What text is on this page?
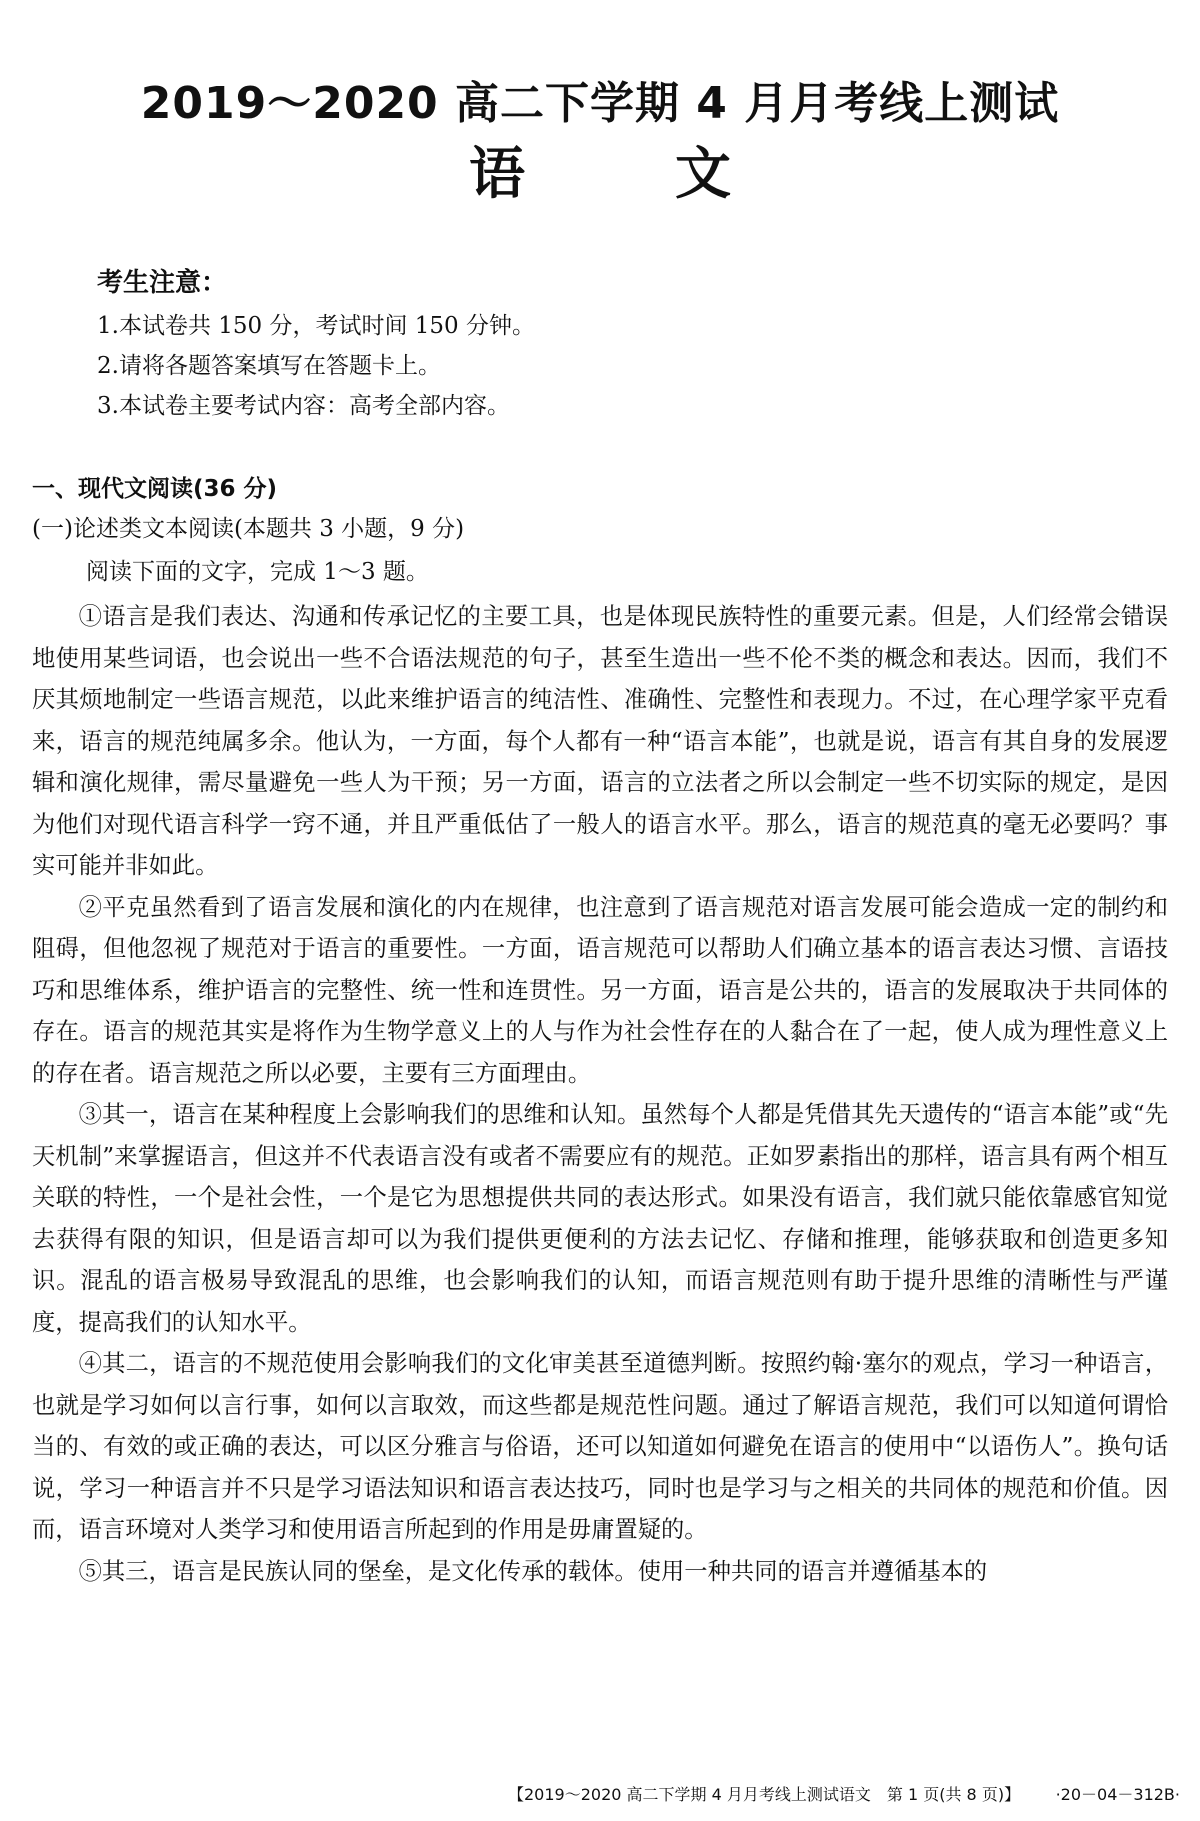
2019～2020 高二下学期 4 月月考线上测试
语文
考生注意：
1.本试卷共 150 分，考试时间 150 分钟。
2.请将各题答案填写在答题卡上。
3.本试卷主要考试内容：高考全部内容。
一、现代文阅读(36 分)
(一)论述类文本阅读(本题共 3 小题，9 分)
阅读下面的文字，完成 1～3 题。

①语言是我们表达、沟通和传承记忆的主要工具，也是体现民族特性的重要元素。但是，人们经常会错误地使用某些词语，也会说出一些不合语法规范的句子，甚至生造出一些不伦不类的概念和表达。因而，我们不厌其烦地制定一些语言规范，以此来维护语言的纯洁性、准确性、完整性和表现力。不过，在心理学家平克看来，语言的规范纯属多余。他认为，一方面，每个人都有一种“语言本能”，也就是说，语言有其自身的发展逻辑和演化规律，需尽量避免一些人为干预；另一方面，语言的立法者之所以会制定一些不切实际的规定，是因为他们对现代语言科学一窍不通，并且严重低估了一般人的语言水平。那么，语言的规范真的毫无必要吗？事实可能并非如此。

②平克虽然看到了语言发展和演化的内在规律，也注意到了语言规范对语言发展可能会造成一定的制约和阻碍，但他忽视了规范对于语言的重要性。一方面，语言规范可以帮助人们确立基本的语言表达习惯、言语技巧和思维体系，维护语言的完整性、统一性和连贯性。另一方面，语言是公共的，语言的发展取决于共同体的存在。语言的规范其实是将作为生物学意义上的人与作为社会性存在的人黏合在了一起，使人成为理性意义上的存在者。语言规范之所以必要，主要有三方面理由。

③其一，语言在某种程度上会影响我们的思维和认知。虽然每个人都是凭借其先天遗传的“语言本能”或“先天机制”来掌握语言，但这并不代表语言没有或者不需要应有的规范。正如罗素指出的那样，语言具有两个相互关联的特性，一个是社会性，一个是它为思想提供共同的表达形式。如果没有语言，我们就只能依靠感官知觉去获得有限的知识，但是语言却可以为我们提供更便利的方法去记忆、存储和推理，能够获取和创造更多知识。混乱的语言极易导致混乱的思维，也会影响我们的认知，而语言规范则有助于提升思维的清晰性与严谨度，提高我们的认知水平。

④其二，语言的不规范使用会影响我们的文化审美甚至道德判断。按照约翰·塞尔的观点，学习一种语言，也就是学习如何以言行事，如何以言取效，而这些都是规范性问题。通过了解语言规范，我们可以知道何谓恰当的、有效的或正确的表达，可以区分雅言与俗语，还可以知道如何避免在语言的使用中“以语伤人”。换句话说，学习一种语言并不只是学习语法知识和语言表达技巧，同时也是学习与之相关的共同体的规范和价值。因而，语言环境对人类学习和使用语言所起到的作用是毋庸置疑的。

⑤其三，语言是民族认同的堡垒，是文化传承的载体。使用一种共同的语言并遵循基本的

【2019～2020 高二下学期 4 月月考线上测试语文　第 1 页(共 8 页)】 ·20－04－312B·
